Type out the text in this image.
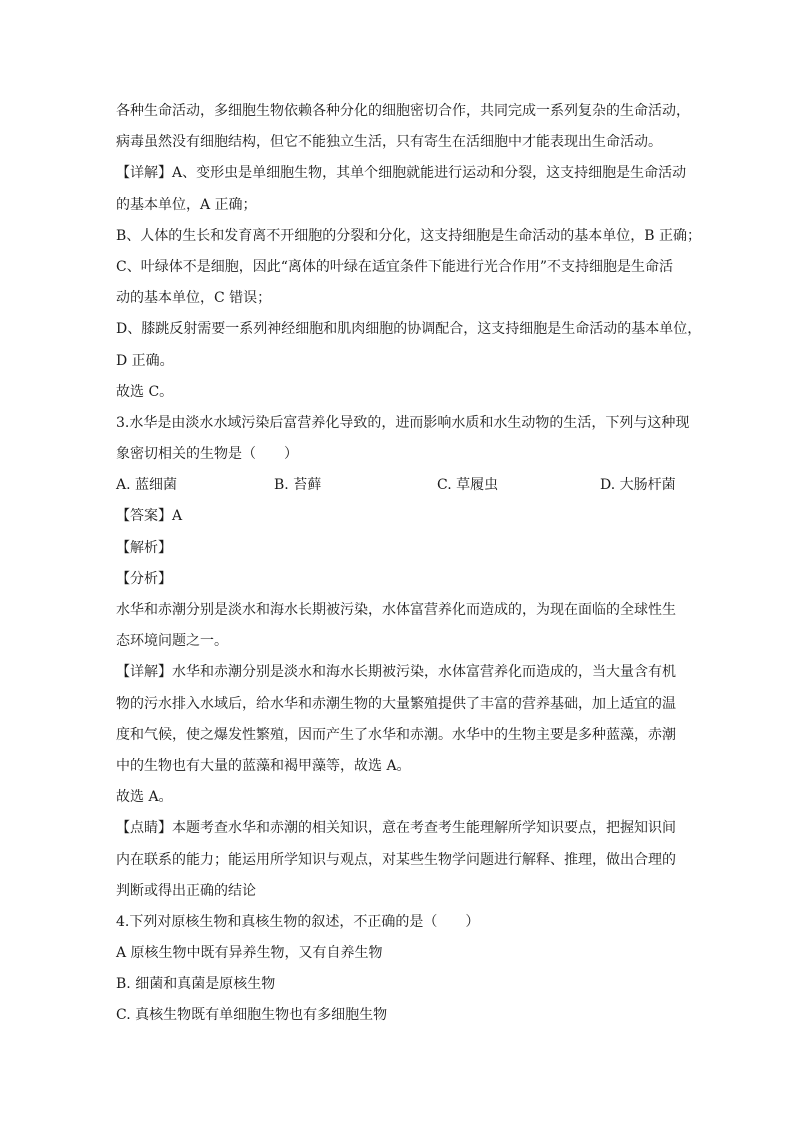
各种生命活动，多细胞生物依赖各种分化的细胞密切合作，共同完成一系列复杂的生命活动，
病毒虽然没有细胞结构，但它不能独立生活，只有寄生在活细胞中才能表现出生命活动。
【详解】A、变形虫是单细胞生物，其单个细胞就能进行运动和分裂，这支持细胞是生命活动
的基本单位，A 正确；
B、人体的生长和发育离不开细胞的分裂和分化，这支持细胞是生命活动的基本单位，B 正确；
C、叶绿体不是细胞，因此“离体的叶绿在适宜条件下能进行光合作用”不支持细胞是生命活
动的基本单位，C 错误；
D、膝跳反射需要一系列神经细胞和肌肉细胞的协调配合，这支持细胞是生命活动的基本单位，
D 正确。
故选 C。
3.水华是由淡水水域污染后富营养化导致的，进而影响水质和水生动物的生活，下列与这种现
象密切相关的生物是（　　）
A. 蓝细菌	B. 苔藓	C. 草履虫	D. 大肠杆菌
【答案】A
【解析】
【分析】
水华和赤潮分别是淡水和海水长期被污染，水体富营养化而造成的，为现在面临的全球性生
态环境问题之一。
【详解】水华和赤潮分别是淡水和海水长期被污染，水体富营养化而造成的，当大量含有机
物的污水排入水域后，给水华和赤潮生物的大量繁殖提供了丰富的营养基础，加上适宜的温
度和气候，使之爆发性繁殖，因而产生了水华和赤潮。水华中的生物主要是多种蓝藻，赤潮
中的生物也有大量的蓝藻和褐甲藻等，故选 A。
故选 A。
【点睛】本题考查水华和赤潮的相关知识，意在考查考生能理解所学知识要点，把握知识间
内在联系的能力；能运用所学知识与观点，对某些生物学问题进行解释、推理，做出合理的
判断或得出正确的结论
4.下列对原核生物和真核生物的叙述，不正确的是（　　）
A 原核生物中既有异养生物，又有自养生物
B. 细菌和真菌是原核生物
C. 真核生物既有单细胞生物也有多细胞生物
